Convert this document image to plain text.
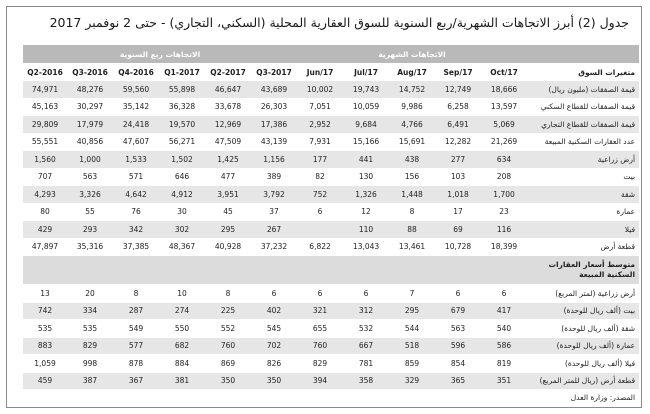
جدول (2) أبرز الاتجاهات الشهرية/ربع السنوية للسوق العقارية المحلية (السكني، التجاري) - حتى 2 نوفمبر 2017
	الاتجاهات الشهرية					الاتجاهات ربع السنوية					
متغيرات السوق	Oct/17	Sep/17	Aug/17	Jul/17	Jun/17	2017-Q3	2017-Q2	2017-Q1	2016-Q4	2016-Q3	2016-Q2
قيمة الصفقات (مليون ريال)	18,666	12,749	14,752	19,743	10,002	43,689	46,647	55,898	59,560	48,276	74,971
قيمة الصفقات للقطاع السكني	13,597	6,258	9,986	10,059	7,051	26,303	33,678	36,328	35,142	30,297	45,163
قيمة الصفقات للقطاع التجاري	5,069	6,491	4,766	9,684	2,952	17,386	12,969	19,570	24,418	17,979	29,809
عدد العقارات السكنية المبيعة	21,269	12,282	15,691	15,166	7,931	43,139	47,509	56,271	47,607	40,856	55,551
أرض زراعية	634	277	438	441	177	1,156	1,425	1,502	1,533	1,000	1,560
بيت	208	103	156	130	82	389	477	646	571	563	707
شقة	1,700	1,018	1,448	1,326	752	3,792	3,951	4,912	4,642	3,326	4,293
عمارة	23	17	8	12	6	37	45	30	76	55	80
فيلا	116	69	88	110		267	295	302	342	293	429
قطعة أرض	18,399	10,728	13,461	13,043	6,822	37,232	40,928	48,367	37,385	35,316	47,897
متوسط أسعار العقارات السكنية المبيعة											
أرض زراعية (لمتر المربع)	6	6	7	6	6	6	8	10	8	20	13
بيت (ألف ريال للوحدة)	417	679	295	312	321	402	225	274	287	334	742
شقة (ألف ريال للوحدة)	540	563	544	532	655	545	552	550	549	535	535
عمارة (ألف ريال للوحدة)	586	596	518	667	760	702	760	682	577	829	883
فيلا (ألف ريال للوحدة)	819	854	859	781	829	826	869	884	878	998	1,059
قطعة أرض (ريال للمتر المربع)	351	365	329	358	394	350	350	381	367	387	459
المصدر: وزارة العدل											
